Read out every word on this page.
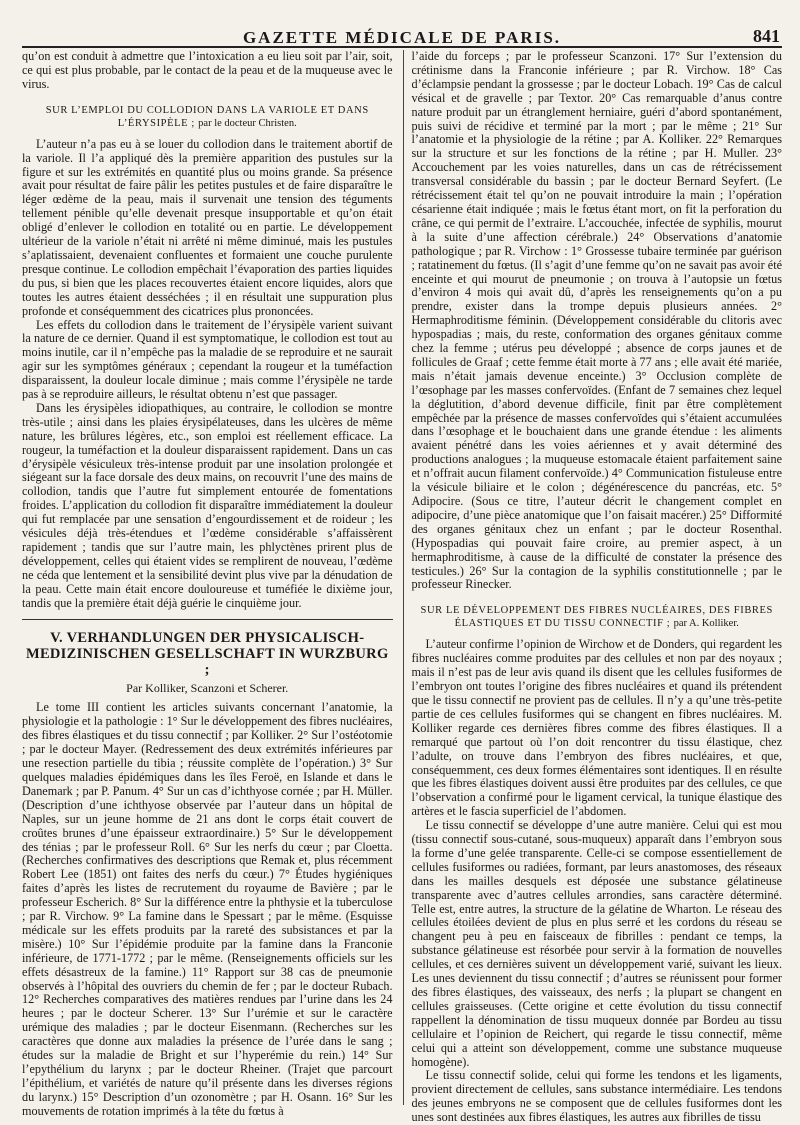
GAZETTE MÉDICALE DE PARIS.	841

qu’on est conduit à admettre que l’intoxication a eu lieu soit par l’air, soit, ce qui est plus probable, par le contact de la peau et de la muqueuse avec le virus.

SUR L’EMPLOI DU COLLODION DANS LA VARIOLE ET DANS L’ÉRYSIPÈLE ; par le docteur Christen.

L’auteur n’a pas eu à se louer du collodion dans le traitement abortif de la variole. Il l’a appliqué dès la première apparition des pustules sur la figure et sur les extrémités en quantité plus ou moins grande. Sa présence avait pour résultat de faire pâlir les petites pustules et de faire disparaître le léger œdème de la peau, mais il survenait une tension des téguments tellement pénible qu’elle devenait presque insupportable et qu’on était obligé d’enlever le collodion en totalité ou en partie. Le développement ultérieur de la variole n’était ni arrêté ni même diminué, mais les pustules s’aplatissaient, devenaient confluentes et formaient une couche purulente presque continue. Le collodion empêchait l’évaporation des parties liquides du pus, si bien que les places recouvertes étaient encore liquides, alors que toutes les autres étaient desséchées ; il en résultait une suppuration plus profonde et conséquemment des cicatrices plus prononcées.

Les effets du collodion dans le traitement de l’érysipèle varient suivant la nature de ce dernier. Quand il est symptomatique, le collodion est tout au moins inutile, car il n’empêche pas la maladie de se reproduire et ne saurait agir sur les symptômes généraux ; cependant la rougeur et la tuméfaction disparaissent, la douleur locale diminue ; mais comme l’érysipèle ne tarde pas à se reproduire ailleurs, le résultat obtenu n’est que passager.

Dans les érysipèles idiopathiques, au contraire, le collodion se montre très-utile ; ainsi dans les plaies érysipélateuses, dans les ulcères de même nature, les brûlures légères, etc., son emploi est réellement efficace. La rougeur, la tuméfaction et la douleur disparaissent rapidement. Dans un cas d’érysipèle vésiculeux très-intense produit par une insolation prolongée et siégeant sur la face dorsale des deux mains, on recouvrit l’une des mains de collodion, tandis que l’autre fut simplement entourée de fomentations froides. L’application du collodion fit disparaître immédiatement la douleur qui fut remplacée par une sensation d’engourdissement et de roideur ; les vésicules déjà très-étendues et l’œdème considérable s’affaissèrent rapidement ; tandis que sur l’autre main, les phlyctènes prirent plus de développement, celles qui étaient vides se remplirent de nouveau, l’œdème ne céda que lentement et la sensibilité devint plus vive par la dénudation de la peau. Cette main était encore douloureuse et tuméfiée le dixième jour, tandis que la première était déjà guérie le cinquième jour.

V. VERHANDLUNGEN DER PHYSICALISCH-MEDIZINISCHEN GESELLSCHAFT IN WURZBURG ;
Par Kolliker, Scanzoni et Scherer.

Le tome III contient les articles suivants concernant l’anatomie, la physiologie et la pathologie : 1° Sur le développement des fibres nucléaires, des fibres élastiques et du tissu connectif ; par Kolliker. 2° Sur l’ostéotomie ; par le docteur Mayer. (Redressement des deux extrémités inférieures par une resection partielle du tibia ; réussite complète de l’opération.) 3° Sur quelques maladies épidémiques dans les îles Feroë, en Islande et dans le Danemark ; par P. Panum. 4° Sur un cas d’ichthyose cornée ; par H. Müller. (Description d’une ichthyose observée par l’auteur dans un hôpital de Naples, sur un jeune homme de 21 ans dont le corps était couvert de croûtes brunes d’une épaisseur extraordinaire.) 5° Sur le développement des ténias ; par le professeur Roll. 6° Sur les nerfs du cœur ; par Cloetta. (Recherches confirmatives des descriptions que Remak et, plus récemment Robert Lee (1851) ont faites des nerfs du cœur.) 7° Études hygiéniques faites d’après les listes de recrutement du royaume de Bavière ; par le professeur Escherich. 8° Sur la différence entre la phthysie et la tuberculose ; par R. Virchow. 9° La famine dans le Spessart ; par le même. (Esquisse médicale sur les effets produits par la rareté des subsistances et par la misère.) 10° Sur l’épidémie produite par la famine dans la Franconie inférieure, de 1771-1772 ; par le même. (Renseignements officiels sur les effets désastreux de la famine.) 11° Rapport sur 38 cas de pneumonie observés à l’hôpital des ouvriers du chemin de fer ; par le docteur Rubach. 12° Recherches comparatives des matières rendues par l’urine dans les 24 heures ; par le docteur Scherer. 13° Sur l’urémie et sur le caractère urémique des maladies ; par le docteur Eisenmann. (Recherches sur les caractères que donne aux maladies la présence de l’urée dans le sang ; études sur la maladie de Bright et sur l’hyperémie du rein.) 14° Sur l’epythélium du larynx ; par le docteur Rheiner. (Trajet que parcourt l’épithélium, et variétés de nature qu’il présente dans les diverses régions du larynx.) 15° Description d’un ozonomètre ; par H. Osann. 16° Sur les mouvements de rotation imprimés à la tête du fœtus à

l’aide du forceps ; par le professeur Scanzoni. 17° Sur l’extension du crétinisme dans la Franconie inférieure ; par R. Virchow. 18° Cas d’éclampsie pendant la grossesse ; par le docteur Lobach. 19° Cas de calcul vésical et de gravelle ; par Textor. 20° Cas remarquable d’anus contre nature produit par un étranglement herniaire, guéri d’abord spontanément, puis suivi de récidive et terminé par la mort ; par le même ; 21° Sur l’anatomie et la physiologie de la rétine ; par A. Kolliker. 22° Remarques sur la structure et sur les fonctions de la rétine ; par H. Muller. 23° Accouchement par les voies naturelles, dans un cas de rétrécissement transversal considérable du bassin ; par le docteur Bernard Seyfert. (Le rétrécissement était tel qu’on ne pouvait introduire la main ; l’opération césarienne était indiquée ; mais le fœtus étant mort, on fit la perforation du crâne, ce qui permit de l’extraire. L’accouchée, infectée de syphilis, mourut à la suite d’une affection cérébrale.) 24° Observations d’anatomie pathologique ; par R. Virchow : 1° Grossesse tubaire terminée par guérison ; ratatinement du fœtus. (Il s’agit d’une femme qu’on ne savait pas avoir été enceinte et qui mourut de pneumonie ; on trouva à l’autopsie un fœtus d’environ 4 mois qui avait dû, d’après les renseignements qu’on a pu prendre, exister dans la trompe depuis plusieurs années. 2° Hermaphroditisme féminin. (Développement considérable du clitoris avec hypospadias ; mais, du reste, conformation des organes génitaux comme chez la femme ; utérus peu développé ; absence de corps jaunes et de follicules de Graaf ; cette femme était morte à 77 ans ; elle avait été mariée, mais n’était jamais devenue enceinte.) 3° Occlusion complète de l’œsophage par les masses confervoïdes. (Enfant de 7 semaines chez lequel la déglutition, d’abord devenue difficile, finit par être complètement empêchée par la présence de masses confervoïdes qui s’étaient accumulées dans l’œsophage et le bouchaient dans une grande étendue : les aliments avaient pénétré dans les voies aériennes et y avait déterminé des productions analogues ; la muqueuse estomacale étaient parfaitement saine et n’offrait aucun filament confervoïde.) 4° Communication fistuleuse entre la vésicule biliaire et le colon ; dégénérescence du pancréas, etc. 5° Adipocire. (Sous ce titre, l’auteur décrit le changement complet en adipocire, d’une pièce anatomique que l’on faisait macérer.) 25° Difformité des organes génitaux chez un enfant ; par le docteur Rosenthal. (Hypospadias qui pouvait faire croire, au premier aspect, à un hermaphroditisme, à cause de la difficulté de constater la présence des testicules.) 26° Sur la contagion de la syphilis constitutionnelle ; par le professeur Rinecker.

SUR LE DÉVELOPPEMENT DES FIBRES NUCLÉAIRES, DES FIBRES ÉLASTIQUES ET DU TISSU CONNECTIF ; par A. Kolliker.

L’auteur confirme l’opinion de Wirchow et de Donders, qui regardent les fibres nucléaires comme produites par des cellules et non par des noyaux ; mais il n’est pas de leur avis quand ils disent que les cellules fusiformes de l’embryon ont toutes l’origine des fibres nucléaires et quand ils prétendent que le tissu connectif ne provient pas de cellules. Il n’y a qu’une très-petite partie de ces cellules fusiformes qui se changent en fibres nucléaires. M. Kolliker regarde ces dernières fibres comme des fibres élastiques. Il a remarqué que partout où l’on doit rencontrer du tissu élastique, chez l’adulte, on trouve dans l’embryon des fibres nucléaires, et que, conséquemment, ces deux formes élémentaires sont identiques. Il en résulte que les fibres élastiques doivent aussi être produites par des cellules, ce que l’observation a confirmé pour le ligament cervical, la tunique élastique des artères et le fascia superficiel de l’abdomen.

Le tissu connectif se développe d’une autre manière. Celui qui est mou (tissu connectif sous-cutané, sous-muqueux) apparaît dans l’embryon sous la forme d’une gelée transparente. Celle-ci se compose essentiellement de cellules fusiformes ou radiées, formant, par leurs anastomoses, des réseaux dans les mailles desquels est déposée une substance gélatineuse transparente avec d’autres cellules arrondies, sans caractère déterminé. Telle est, entre autres, la structure de la gélatine de Wharton. Le réseau des cellules étoilées devient de plus en plus serré et les cordons du réseau se changent peu à peu en faisceaux de fibrilles : pendant ce temps, la substance gélatineuse est résorbée pour servir à la formation de nouvelles cellules, et ces dernières suivent un développement varié, suivant les lieux. Les unes deviennent du tissu connectif ; d’autres se réunissent pour former des fibres élastiques, des vaisseaux, des nerfs ; la plupart se changent en cellules graisseuses. (Cette origine et cette évolution du tissu connectif rappellent la dénomination de tissu muqueux donnée par Bordeu au tissu cellulaire et l’opinion de Reichert, qui regarde le tissu connectif, même celui qui a atteint son développement, comme une substance muqueuse homogène).

Le tissu connectif solide, celui qui forme les tendons et les ligaments, provient directement de cellules, sans substance intermédiaire. Les tendons des jeunes embryons ne se composent que de cellules fusiformes dont les unes sont destinées aux fibres élastiques, les autres aux fibrilles de tissu
